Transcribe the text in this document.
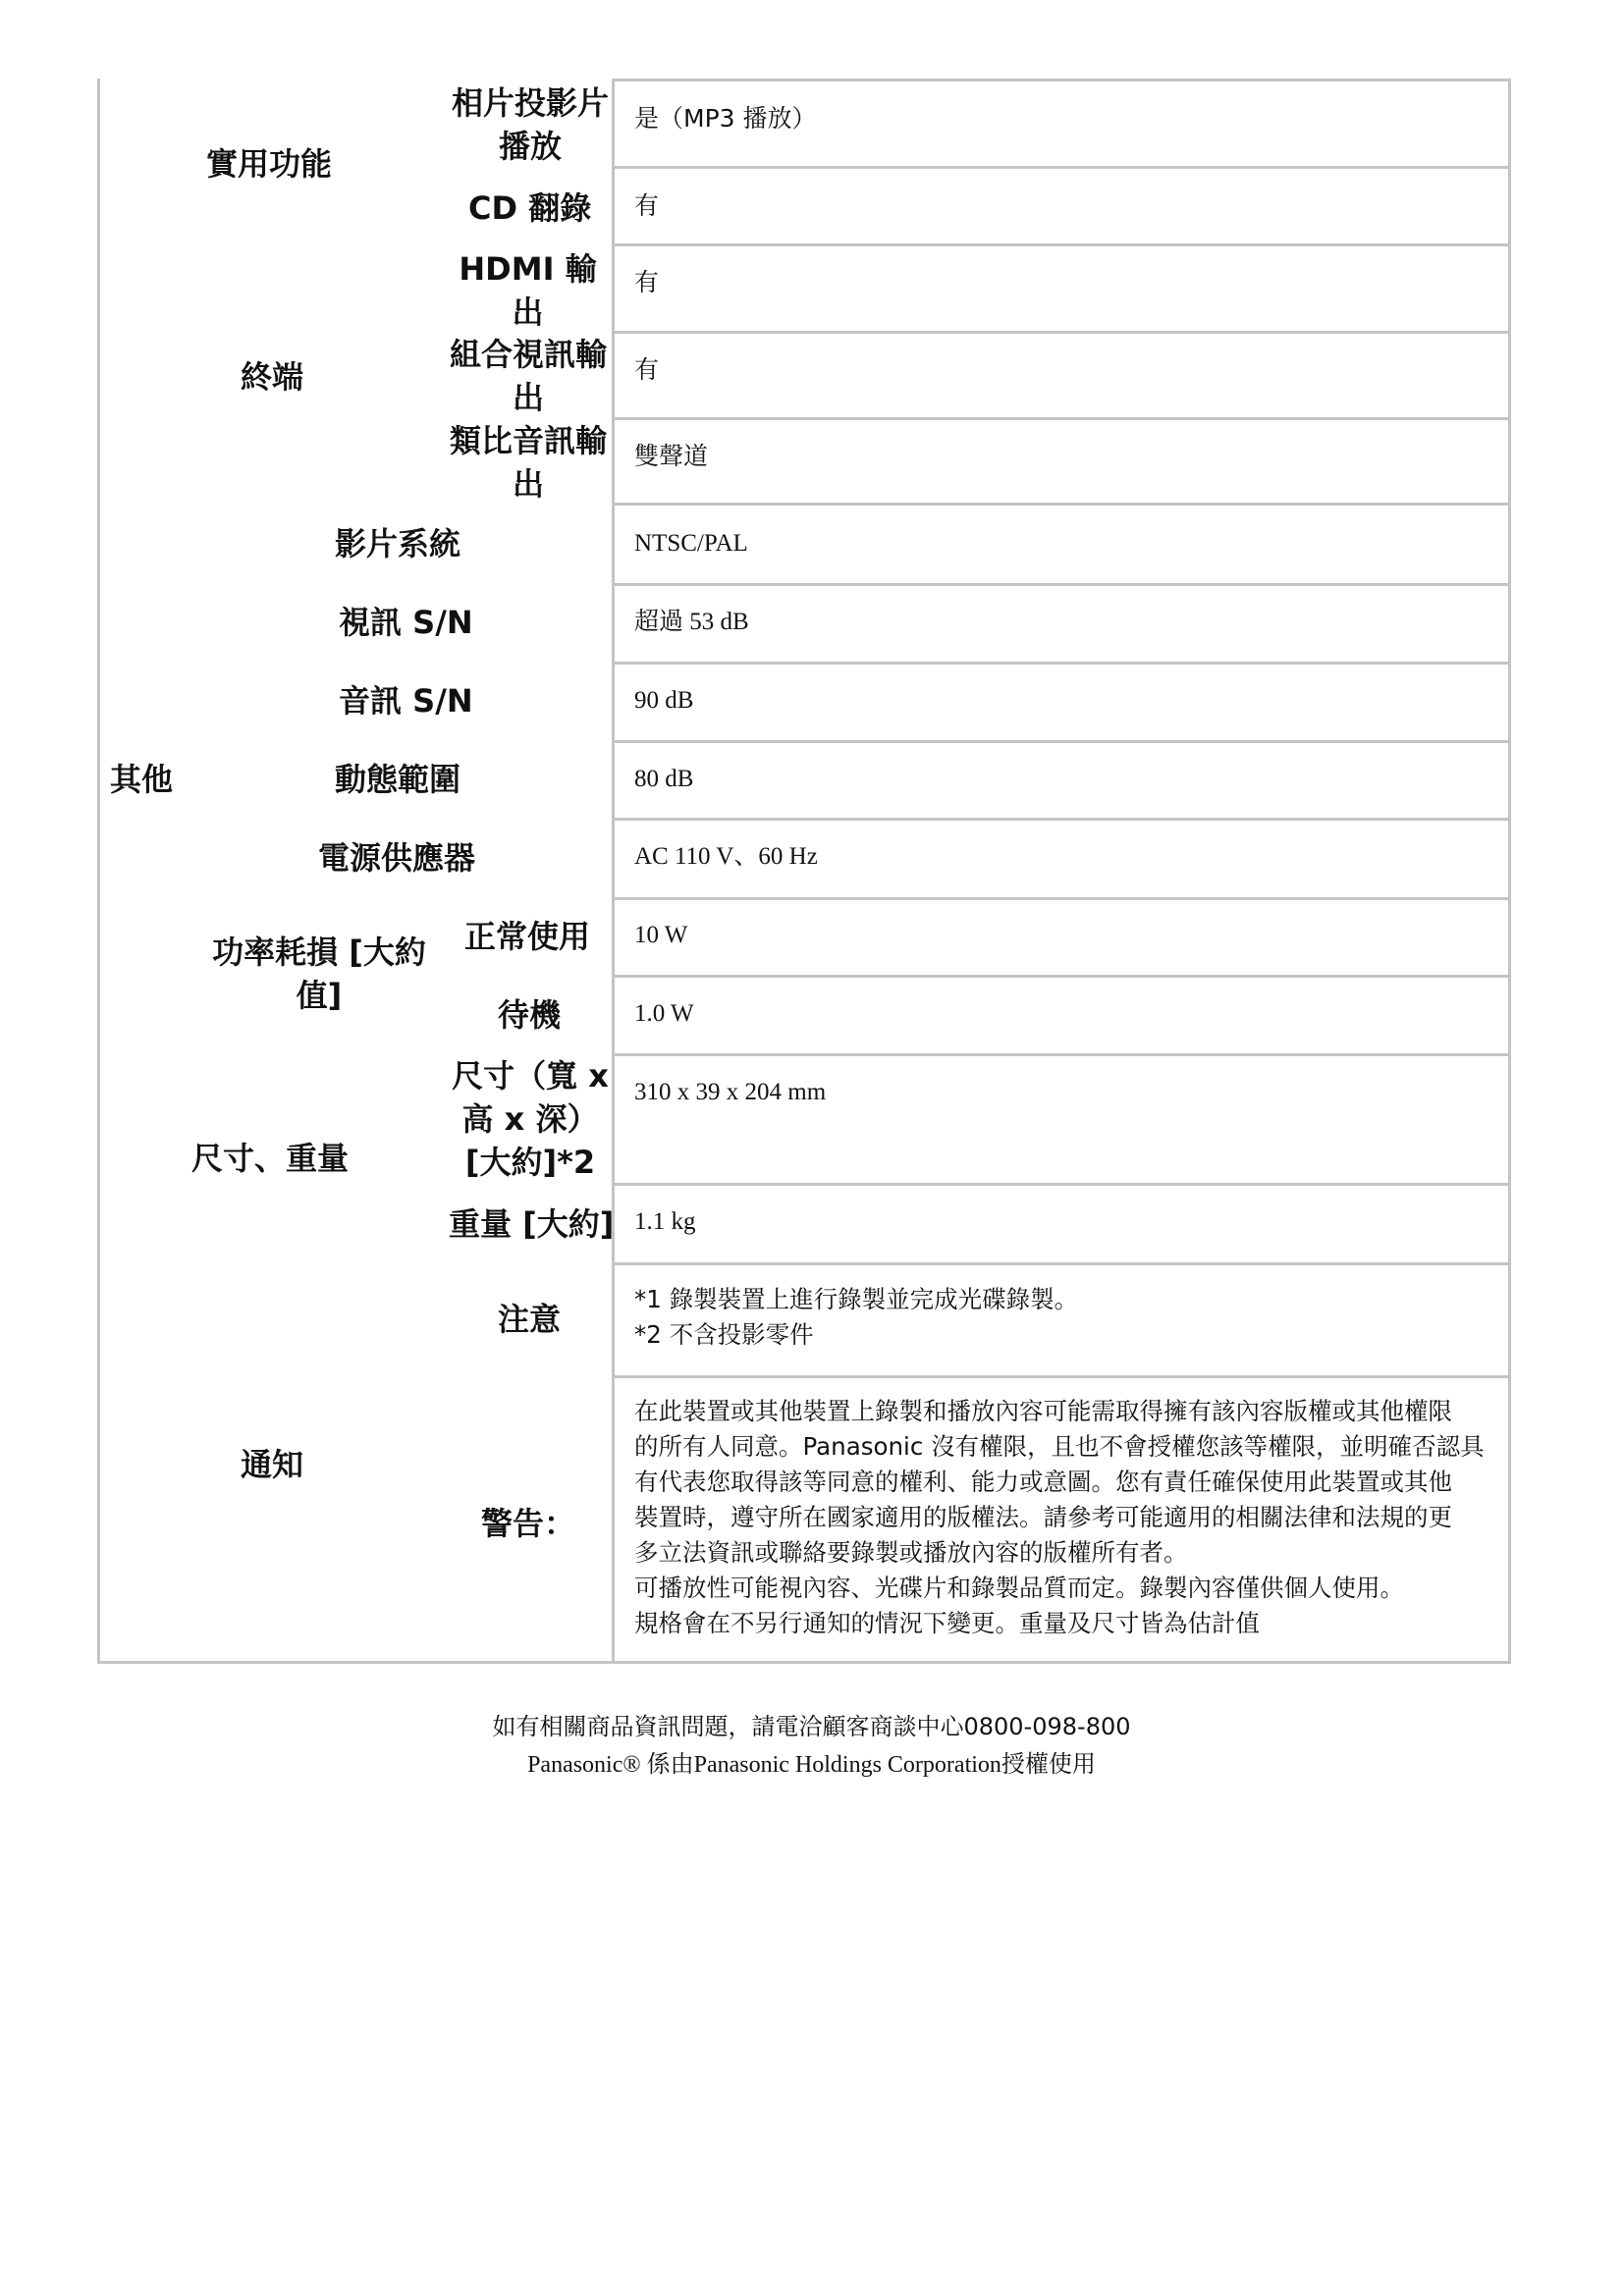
實用功能
終端
其他
功率耗損 [大約值]
尺寸、重量
通知
相片投影片
播放
CD 翻錄
HDMI 輸
出
組合視訊輸
出
類比音訊輸
出
影片系統
視訊 S/N
音訊 S/N
動態範圍
電源供應器
正常使用
待機
尺寸（寬 x
高 x 深）
[大約]*2
重量 [大約]
注意
警告：
是（MP3 播放）
有
有
有
雙聲道
NTSC/PAL
超過 53 dB
90 dB
80 dB
AC 110 V、60 Hz
10 W
1.0 W
310 x 39 x 204 mm
1.1 kg
*1 錄製裝置上進行錄製並完成光碟錄製。
*2 不含投影零件
在此裝置或其他裝置上錄製和播放內容可能需取得擁有該內容版權或其他權限
的所有人同意。Panasonic 沒有權限，且也不會授權您該等權限，並明確否認具
有代表您取得該等同意的權利、能力或意圖。您有責任確保使用此裝置或其他
裝置時，遵守所在國家適用的版權法。請參考可能適用的相關法律和法規的更
多立法資訊或聯絡要錄製或播放內容的版權所有者。
可播放性可能視內容、光碟片和錄製品質而定。錄製內容僅供個人使用。
規格會在不另行通知的情況下變更。重量及尺寸皆為估計值
如有相關商品資訊問題，請電洽顧客商談中心0800-098-800
Panasonic® 係由Panasonic Holdings Corporation授權使用
